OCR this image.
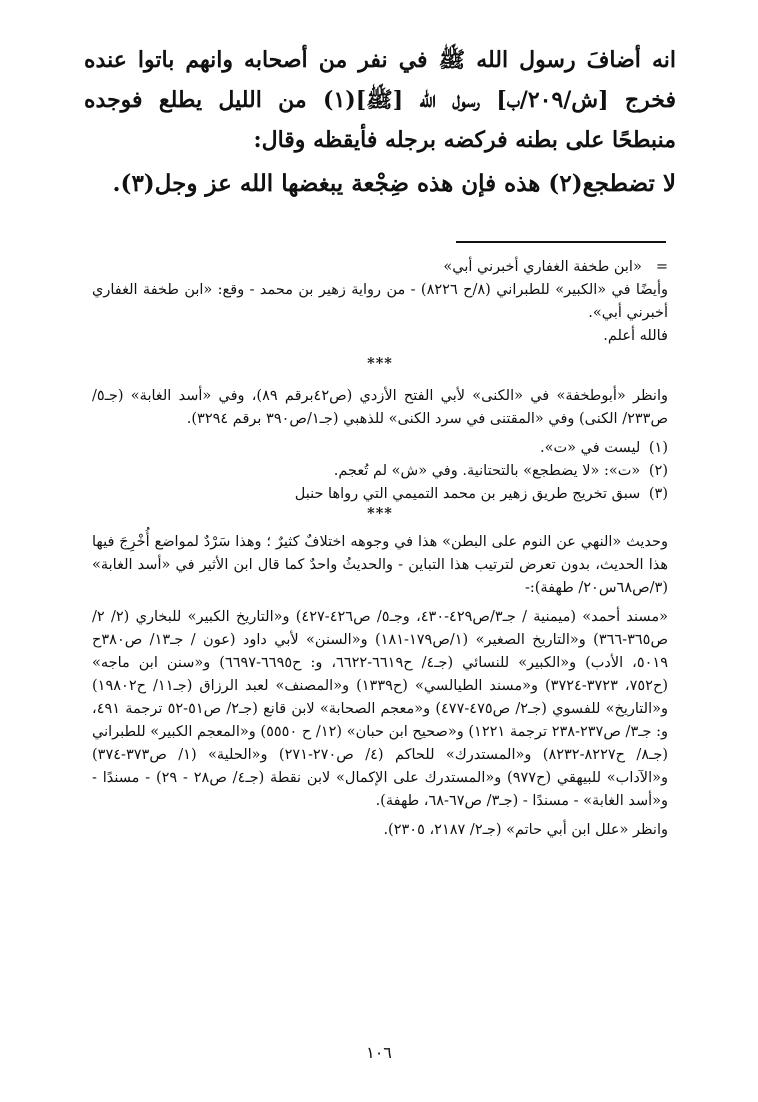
انه أضافَ رسول الله ﷺ في نفر من أصحابه وانهم باتوا عنده فخرج [ش/٢٠٩/ب] رسول الله [ﷺ](١) من الليل يطلع فوجده منبطحًا على بطنه فركضه برجله فأيقظه وقال:

لا تضطجع(٢) هذه فإن هذه ضِجْعة يبغضها الله عز وجل(٣).

=«ابن طخفة الغفاري أخبرني أبي»

وأيضًا في «الكبير» للطبراني (٨/ح ٨٢٢٦) - من رواية زهير بن محمد - وقع: «ابن طخفة الغفاري أخبرني أبي».

فالله أعلم.

***

وانظر «أبوطخفة» في «الكنى» لأبي الفتح الأزدي (ص٤٢برقم ٨٩)، وفي «أسد الغابة» (جـ٥/ ص٢٣٣/ الكنى) وفي «المقتنى في سرد الكنى» للذهبي (جـ١/ص٣٩٠ برقم ٣٢٩٤).

(١) ليست في «ت».

(٢) «ت»: «لا يضطجع» بالتحتانية. وفي «ش» لم تُعجم.

(٣) سبق تخريج طريق زهير بن محمد التميمي التي رواها حنبل

***

وحديث «النهي عن النوم على البطن» هذا في وجوهه اختلافٌ كثيرٌ ؛ وهذا سَرْدٌ لمواضع أُخْرِجَ فيها هذا الحديث، بدون تعرض لترتيب هذا التباين - والحديثُ واحدٌ كما قال ابن الأثير في «أسد الغابة» (٣/ص٦٨س٢٠/ طهفة):-

«مسند أحمد» (ميمنية / جـ٣/ص٤٢٩-٤٣٠، وجـ٥/ ص٤٢٦-٤٢٧) و«التاريخ الكبير» للبخاري (٢/ ٢/ص٣٦٥-٣٦٦) و«التاريخ الصغير» (١/ص١٧٩-١٨١) و«السنن» لأبي داود (عون / جـ١٣/ ص٣٨٠ح ٥٠١٩، الأدب) و«الكبير» للنسائي (جـ٤/ ح٦٦١٩-٦٦٢٢، و: ح٦٦٩٥-٦٦٩٧) و«سنن ابن ماجه» (ح٧٥٢، ٣٧٢٣-٣٧٢٤) و«مسند الطيالسي» (ح١٣٣٩) و«المصنف» لعبد الرزاق (جـ١١/ ح١٩٨٠٢) و«التاريخ» للفسوي (جـ٢/ ص٤٧٥-٤٧٧) و«معجم الصحابة» لابن قانع (جـ٢/ ص٥١-٥٢ ترجمة ٤٩١، و: جـ٣/ ص٢٣٧-٢٣٨ ترجمة ١٢٢١) و«صحيح ابن حبان» (١٢/ ح ٥٥٥٠) و«المعجم الكبير» للطبراني (جـ٨/ ح٨٢٢٧-٨٢٣٢) و«المستدرك» للحاكم (٤/ ص٢٧٠-٢٧١) و«الحلية» (١/ ص٣٧٣-٣٧٤) و«الآداب» للبيهقي (ح٩٧٧) و«المستدرك على الإكمال» لابن نقطة (جـ٤/ ص٢٨ - ٢٩) - مسندًا - و«أسد الغابة» - مسندًا - (جـ٣/ ص٦٧-٦٨، طهفة).

وانظر «علل ابن أبي حاتم» (جـ٢/ ٢١٨٧، ٢٣٠٥).

١٠٦
